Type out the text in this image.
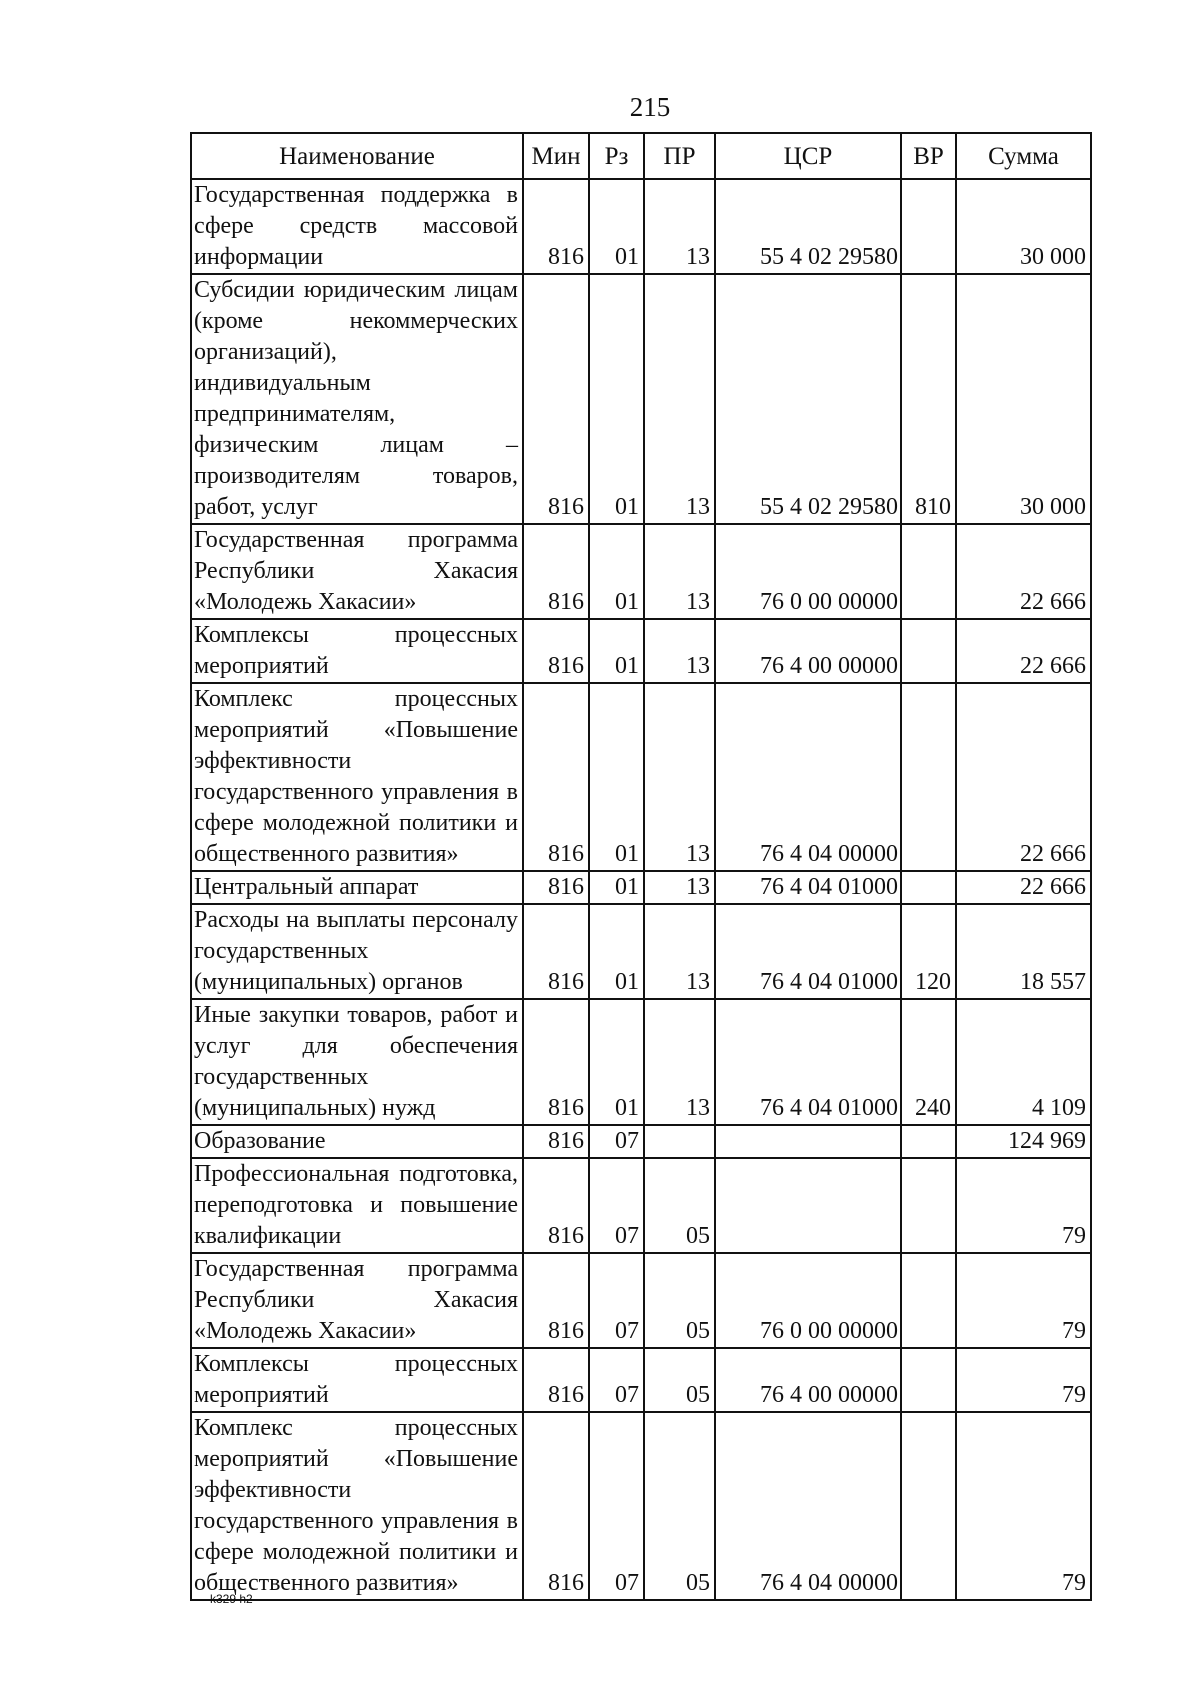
215
Наименование	Мин	Рз	ПР	ЦСР	ВР	Сумма
Государственная поддержка в сфере средств массовой информации	816	01	13	55 4 02 29580		30 000
Субсидии юридическим лицам (кроме некоммерческих организаций), индивидуальным предпринимателям, физическим лицам – производителям товаров, работ, услуг	816	01	13	55 4 02 29580	810	30 000
Государственная программа Республики Хакасия «Молодежь Хакасии»	816	01	13	76 0 00 00000		22 666
Комплексы процессных мероприятий	816	01	13	76 4 00 00000		22 666
Комплекс процессных мероприятий «Повышение эффективности государственного управления в сфере молодежной политики и общественного развития»	816	01	13	76 4 04 00000		22 666
Центральный аппарат	816	01	13	76 4 04 01000		22 666
Расходы на выплаты персоналу государственных (муниципальных) органов	816	01	13	76 4 04 01000	120	18 557
Иные закупки товаров, работ и услуг для обеспечения государственных (муниципальных) нужд	816	01	13	76 4 04 01000	240	4 109
Образование	816	07				124 969
Профессиональная подготовка, переподготовка и повышение квалификации	816	07	05			79
Государственная программа Республики Хакасия «Молодежь Хакасии»	816	07	05	76 0 00 00000		79
Комплексы процессных мероприятий	816	07	05	76 4 00 00000		79
Комплекс процессных мероприятий «Повышение эффективности государственного управления в сфере молодежной политики и общественного развития»	816	07	05	76 4 04 00000		79
k329 h2
